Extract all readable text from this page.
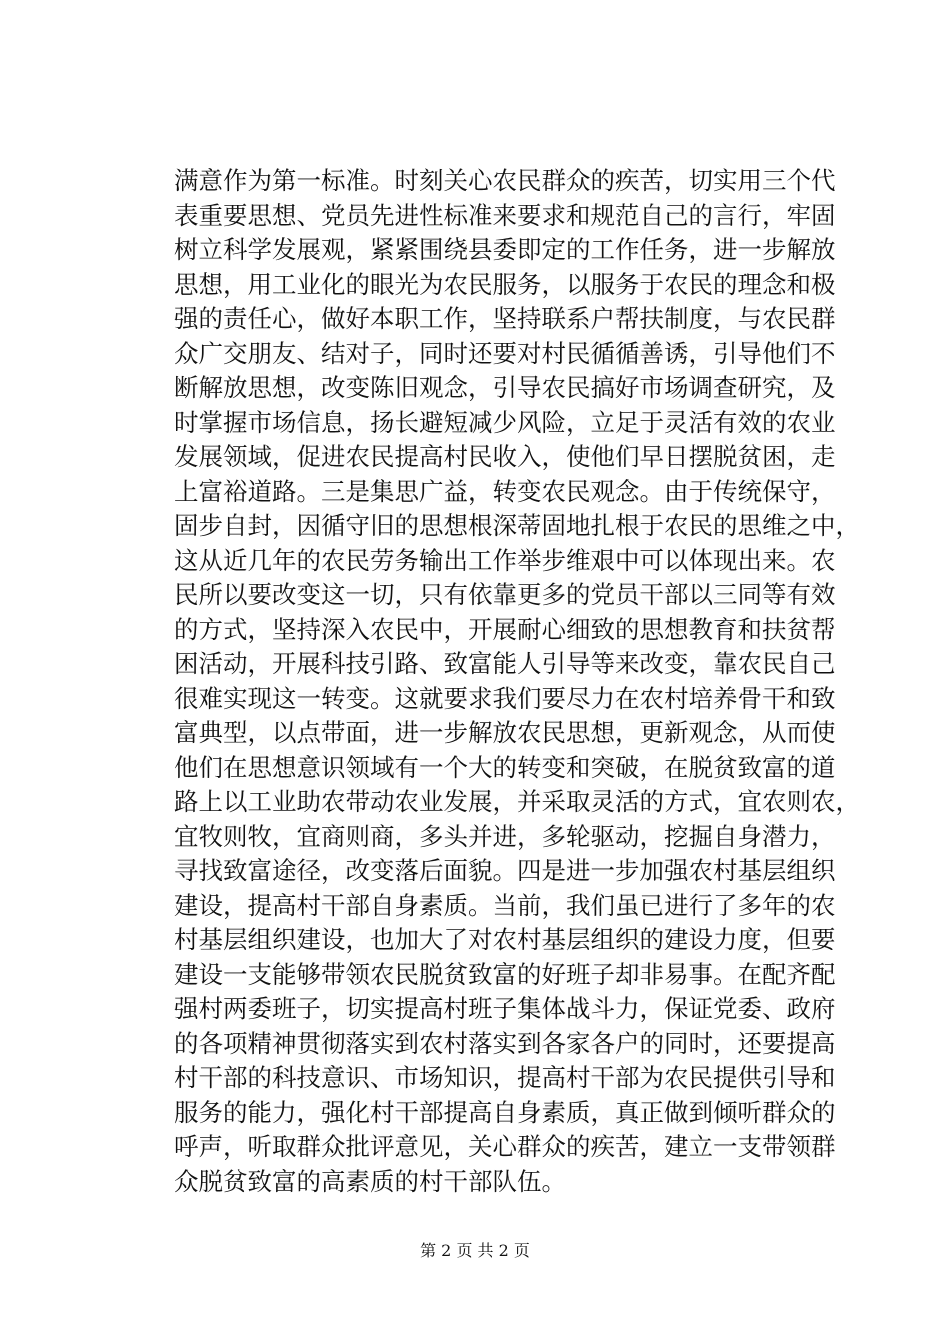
满意作为第一标准。时刻关心农民群众的疾苦，切实用三个代
表重要思想、党员先进性标准来要求和规范自己的言行，牢固
树立科学发展观，紧紧围绕县委即定的工作任务，进一步解放
思想，用工业化的眼光为农民服务，以服务于农民的理念和极
强的责任心，做好本职工作，坚持联系户帮扶制度，与农民群
众广交朋友、结对子，同时还要对村民循循善诱，引导他们不
断解放思想，改变陈旧观念，引导农民搞好市场调查研究，及
时掌握市场信息，扬长避短减少风险，立足于灵活有效的农业
发展领域，促进农民提高村民收入，使他们早日摆脱贫困，走
上富裕道路。三是集思广益，转变农民观念。由于传统保守，
固步自封，因循守旧的思想根深蒂固地扎根于农民的思维之中，
这从近几年的农民劳务输出工作举步维艰中可以体现出来。农
民所以要改变这一切，只有依靠更多的党员干部以三同等有效
的方式，坚持深入农民中，开展耐心细致的思想教育和扶贫帮
困活动，开展科技引路、致富能人引导等来改变，靠农民自己
很难实现这一转变。这就要求我们要尽力在农村培养骨干和致
富典型，以点带面，进一步解放农民思想，更新观念，从而使
他们在思想意识领域有一个大的转变和突破，在脱贫致富的道
路上以工业助农带动农业发展，并采取灵活的方式，宜农则农，
宜牧则牧，宜商则商，多头并进，多轮驱动，挖掘自身潜力，
寻找致富途径，改变落后面貌。四是进一步加强农村基层组织
建设，提高村干部自身素质。当前，我们虽已进行了多年的农
村基层组织建设，也加大了对农村基层组织的建设力度，但要
建设一支能够带领农民脱贫致富的好班子却非易事。在配齐配
强村两委班子，切实提高村班子集体战斗力，保证党委、政府
的各项精神贯彻落实到农村落实到各家各户的同时，还要提高
村干部的科技意识、市场知识，提高村干部为农民提供引导和
服务的能力，强化村干部提高自身素质，真正做到倾听群众的
呼声，听取群众批评意见，关心群众的疾苦，建立一支带领群
众脱贫致富的高素质的村干部队伍。
第 2 页 共 2 页
